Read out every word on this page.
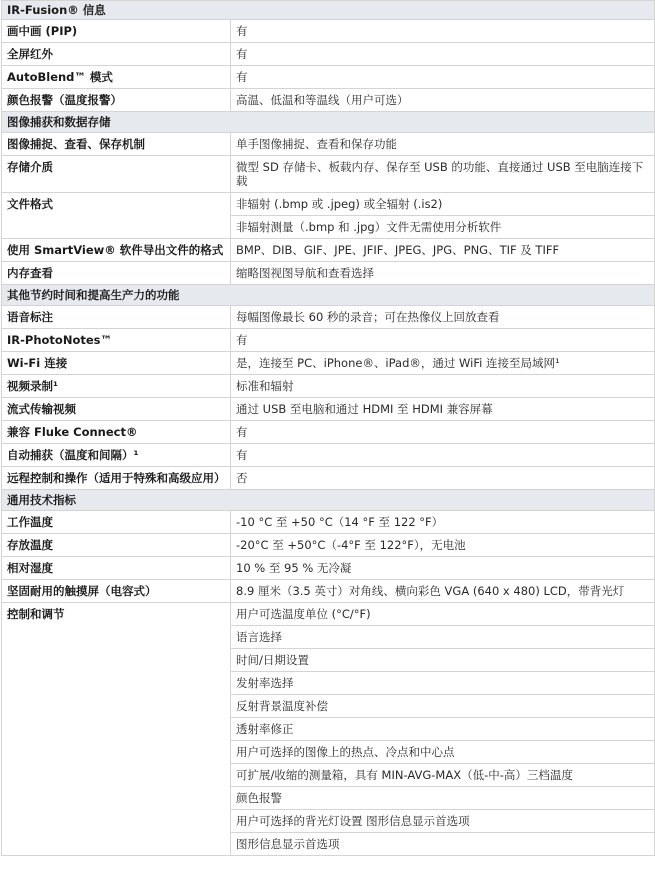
IR-Fusion® 信息	
画中画 (PIP)	有
全屏红外	有
AutoBlend™ 模式	有
颜色报警（温度报警）	高温、低温和等温线（用户可选）
图像捕获和数据存储	
图像捕捉、查看、保存机制	单手图像捕捉、查看和保存功能
存储介质	微型 SD 存储卡、板载内存、保存至 USB 的功能、直接通过 USB 至电脑连接下载
文件格式	非辐射 (.bmp 或 .jpeg) 或全辐射 (.is2)
	非辐射测量（.bmp 和 .jpg）文件无需使用分析软件
使用 SmartView® 软件导出文件的格式	BMP、DIB、GIF、JPE、JFIF、JPEG、JPG、PNG、TIF 及 TIFF
内存查看	缩略图视图导航和查看选择
其他节约时间和提高生产力的功能	
语音标注	每幅图像最长 60 秒的录音；可在热像仪上回放查看
IR-PhotoNotes™	有
Wi-Fi 连接	是，连接至 PC、iPhone®、iPad®，通过 WiFi 连接至局域网¹
视频录制¹	标准和辐射
流式传输视频	通过 USB 至电脑和通过 HDMI 至 HDMI 兼容屏幕
兼容 Fluke Connect®	有
自动捕获（温度和间隔）¹	有
远程控制和操作（适用于特殊和高级应用）	否
通用技术指标	
工作温度	-10 °C 至 +50 °C（14 °F 至 122 °F）
存放温度	-20°C 至 +50°C（-4°F 至 122°F），无电池
相对湿度	10 % 至 95 % 无冷凝
坚固耐用的触摸屏（电容式）	8.9 厘米（3.5 英寸）对角线、横向彩色 VGA (640 x 480) LCD，带背光灯
控制和调节	用户可选温度单位 (°C/°F)
	语言选择
	时间/日期设置
	发射率选择
	反射背景温度补偿
	透射率修正
	用户可选择的图像上的热点、冷点和中心点
	可扩展/收缩的测量箱，具有 MIN-AVG-MAX（低-中-高）三档温度
	颜色报警
	用户可选择的背光灯设置 图形信息显示首选项
	图形信息显示首选项
